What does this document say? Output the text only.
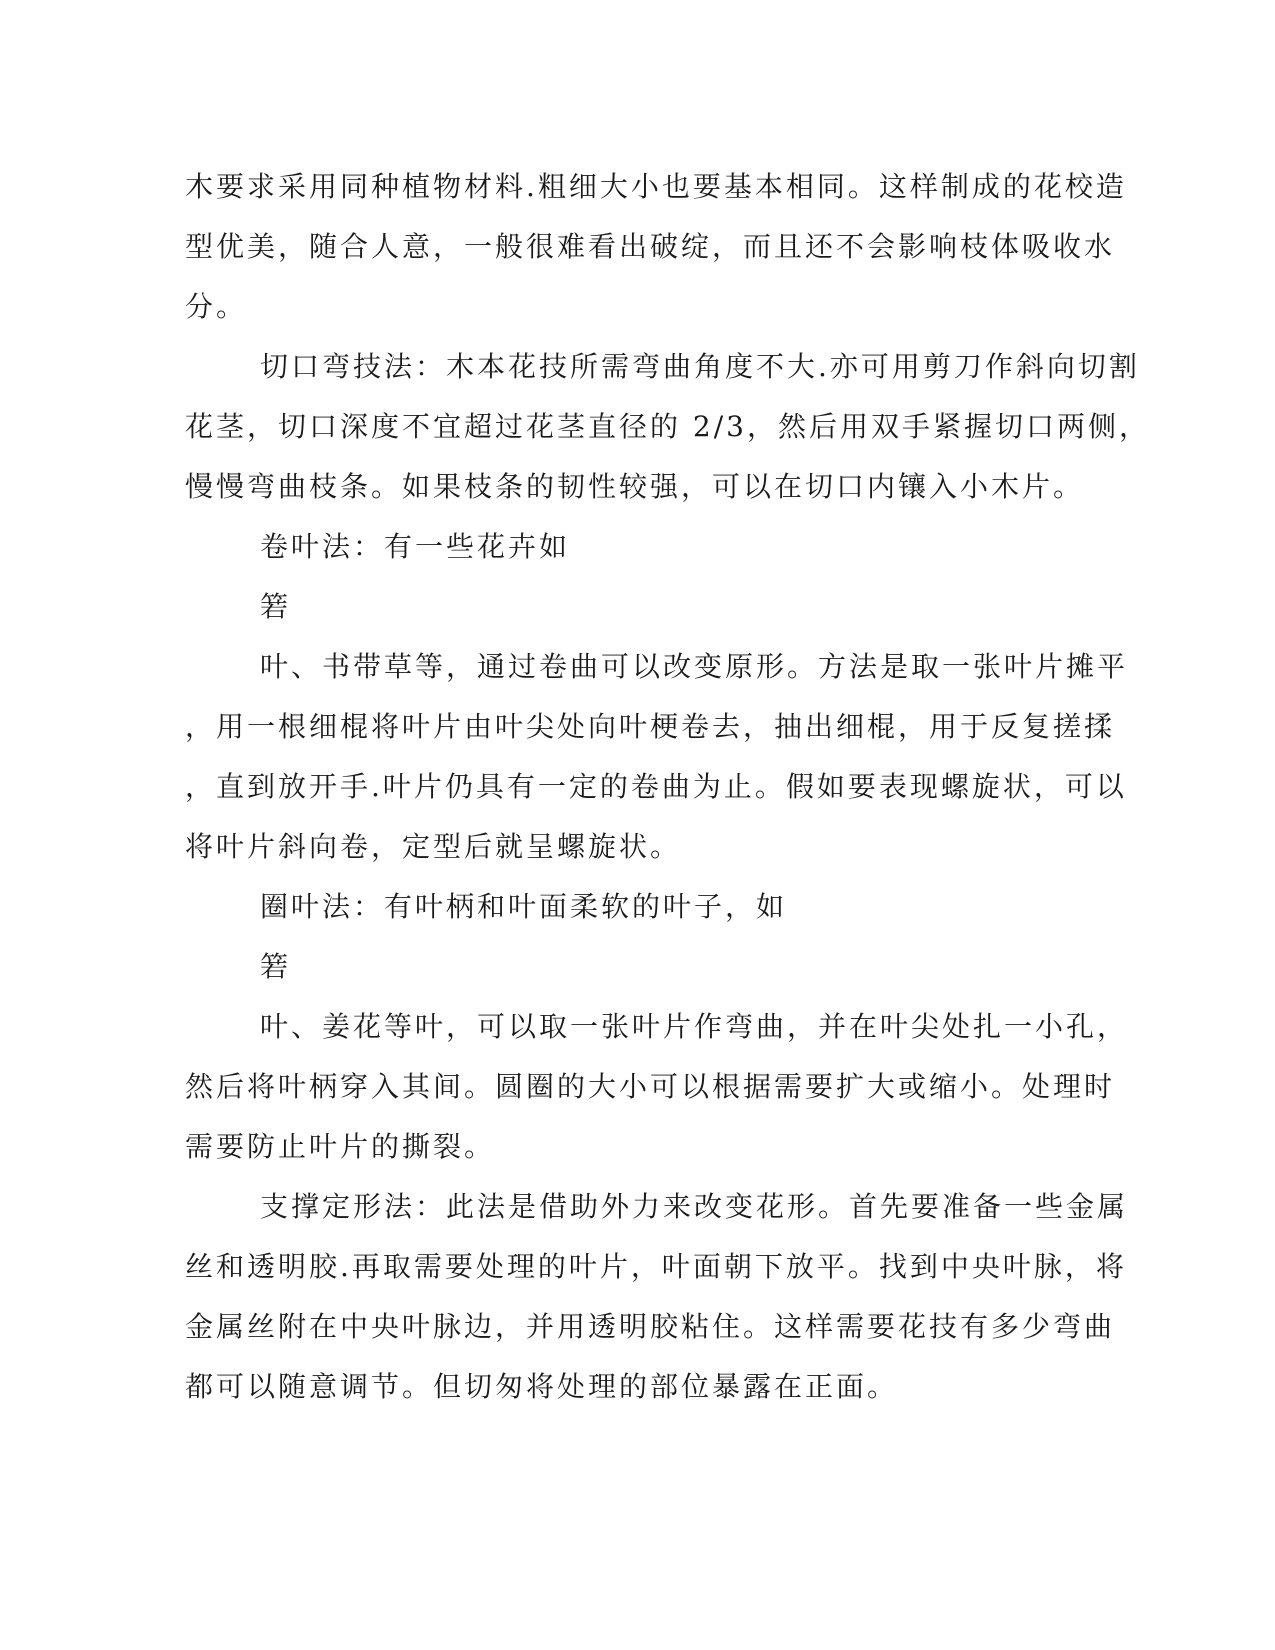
木要求采用同种植物材料.粗细大小也要基本相同。这样制成的花校造
型优美，随合人意，一般很难看出破绽，而且还不会影响枝体吸收水
分。
切口弯技法：木本花技所需弯曲角度不大.亦可用剪刀作斜向切割
花茎，切口深度不宜超过花茎直径的 2/3，然后用双手紧握切口两侧，
慢慢弯曲枝条。如果枝条的韧性较强，可以在切口内镶入小木片。
卷叶法：有一些花卉如
箬
叶、书带草等，通过卷曲可以改变原形。方法是取一张叶片摊平
，用一根细棍将叶片由叶尖处向叶梗卷去，抽出细棍，用于反复搓揉
，直到放开手.叶片仍具有一定的卷曲为止。假如要表现螺旋状，可以
将叶片斜向卷，定型后就呈螺旋状。
圈叶法：有叶柄和叶面柔软的叶子，如
箬
叶、姜花等叶，可以取一张叶片作弯曲，并在叶尖处扎一小孔，
然后将叶柄穿入其间。圆圈的大小可以根据需要扩大或缩小。处理时
需要防止叶片的撕裂。
支撑定形法：此法是借助外力来改变花形。首先要准备一些金属
丝和透明胶.再取需要处理的叶片，叶面朝下放平。找到中央叶脉，将
金属丝附在中央叶脉边，并用透明胶粘住。这样需要花技有多少弯曲
都可以随意调节。但切匆将处理的部位暴露在正面。
